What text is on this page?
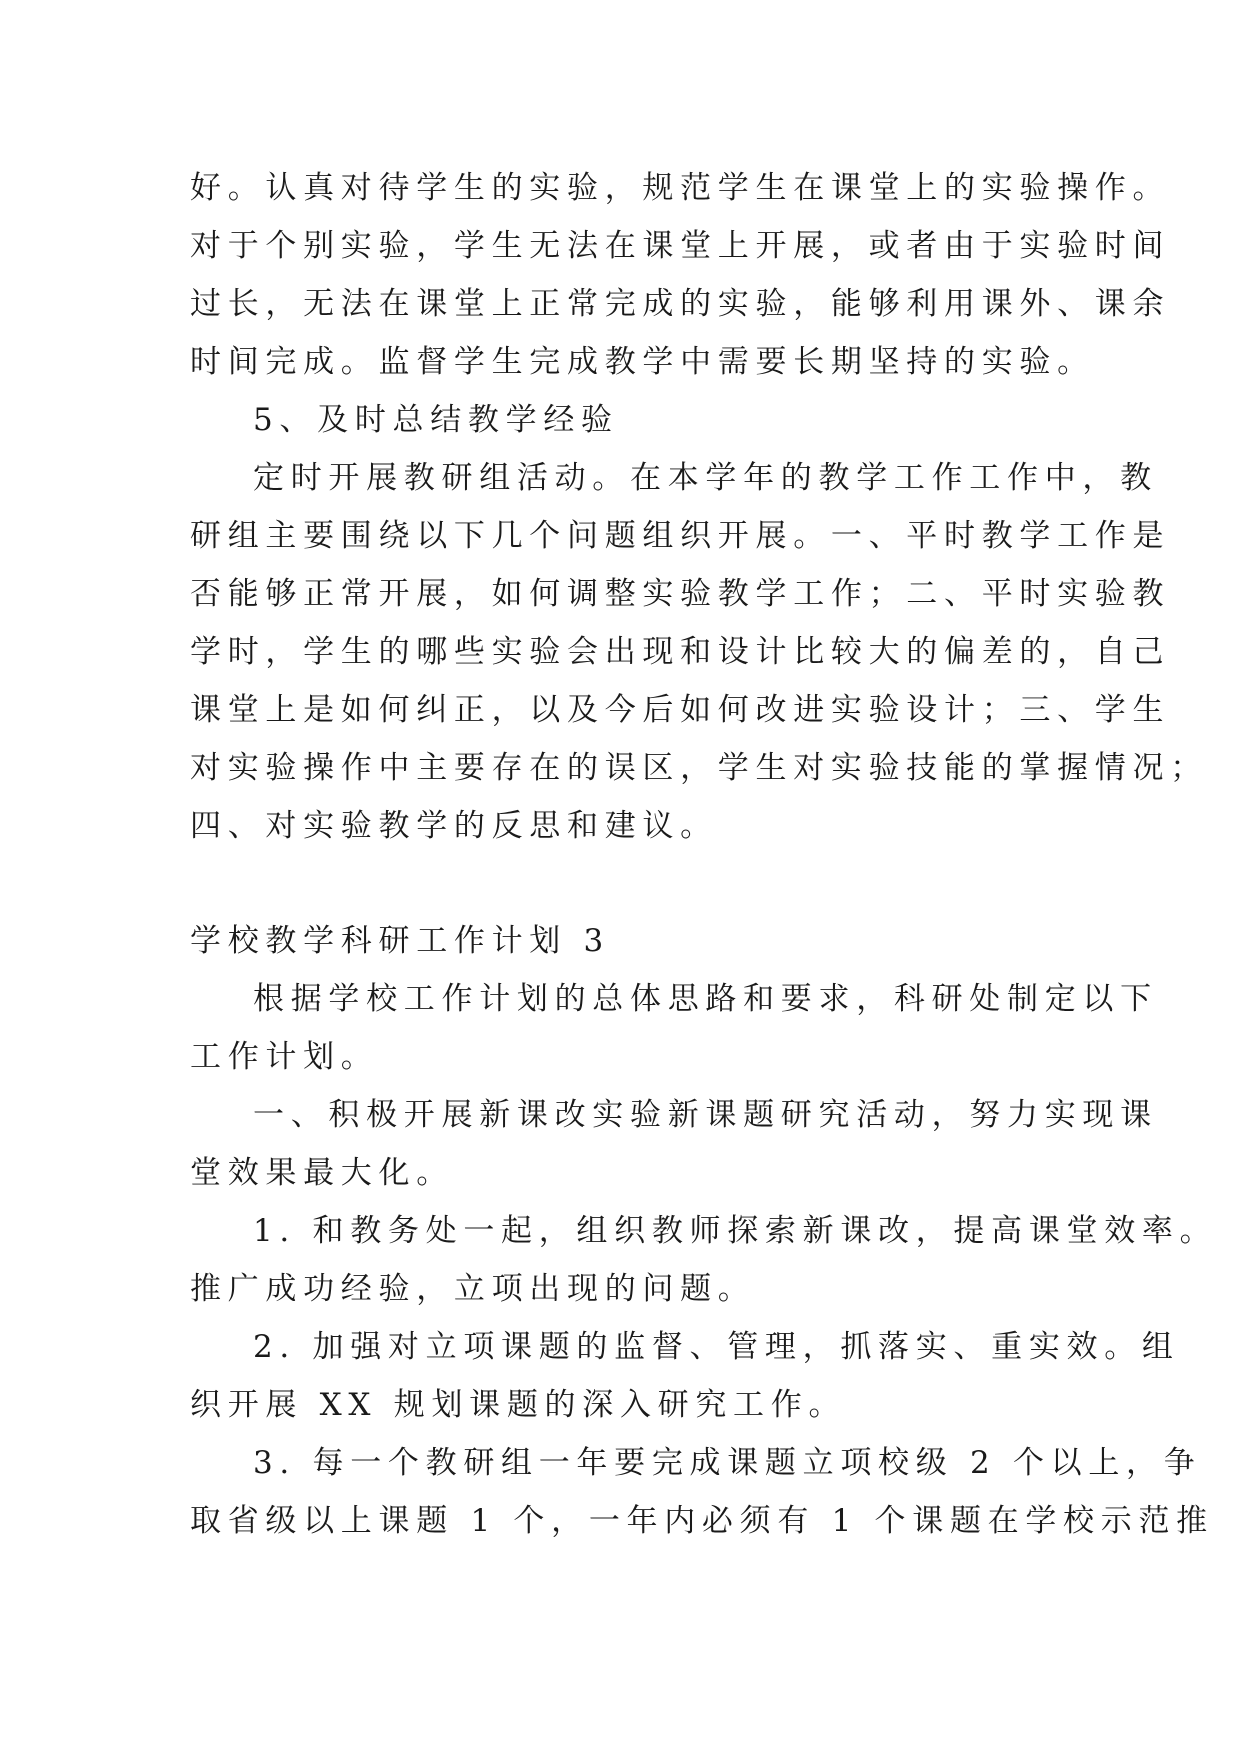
好。认真对待学生的实验，规范学生在课堂上的实验操作。

对于个别实验，学生无法在课堂上开展，或者由于实验时间

过长，无法在课堂上正常完成的实验，能够利用课外、课余

时间完成。监督学生完成教学中需要长期坚持的实验。

5、及时总结教学经验

定时开展教研组活动。在本学年的教学工作工作中，教

研组主要围绕以下几个问题组织开展。一、平时教学工作是

否能够正常开展，如何调整实验教学工作；二、平时实验教

学时，学生的哪些实验会出现和设计比较大的偏差的，自己

课堂上是如何纠正，以及今后如何改进实验设计；三、学生

对实验操作中主要存在的误区，学生对实验技能的掌握情况；

四、对实验教学的反思和建议。

学校教学科研工作计划 3

根据学校工作计划的总体思路和要求，科研处制定以下

工作计划。

一、积极开展新课改实验新课题研究活动，努力实现课

堂效果最大化。

1. 和教务处一起，组织教师探索新课改，提高课堂效率。

推广成功经验，立项出现的问题。

2. 加强对立项课题的监督、管理，抓落实、重实效。组

织开展 XX 规划课题的深入研究工作。

3. 每一个教研组一年要完成课题立项校级 2 个以上，争

取省级以上课题 1 个，一年内必须有 1 个课题在学校示范推
